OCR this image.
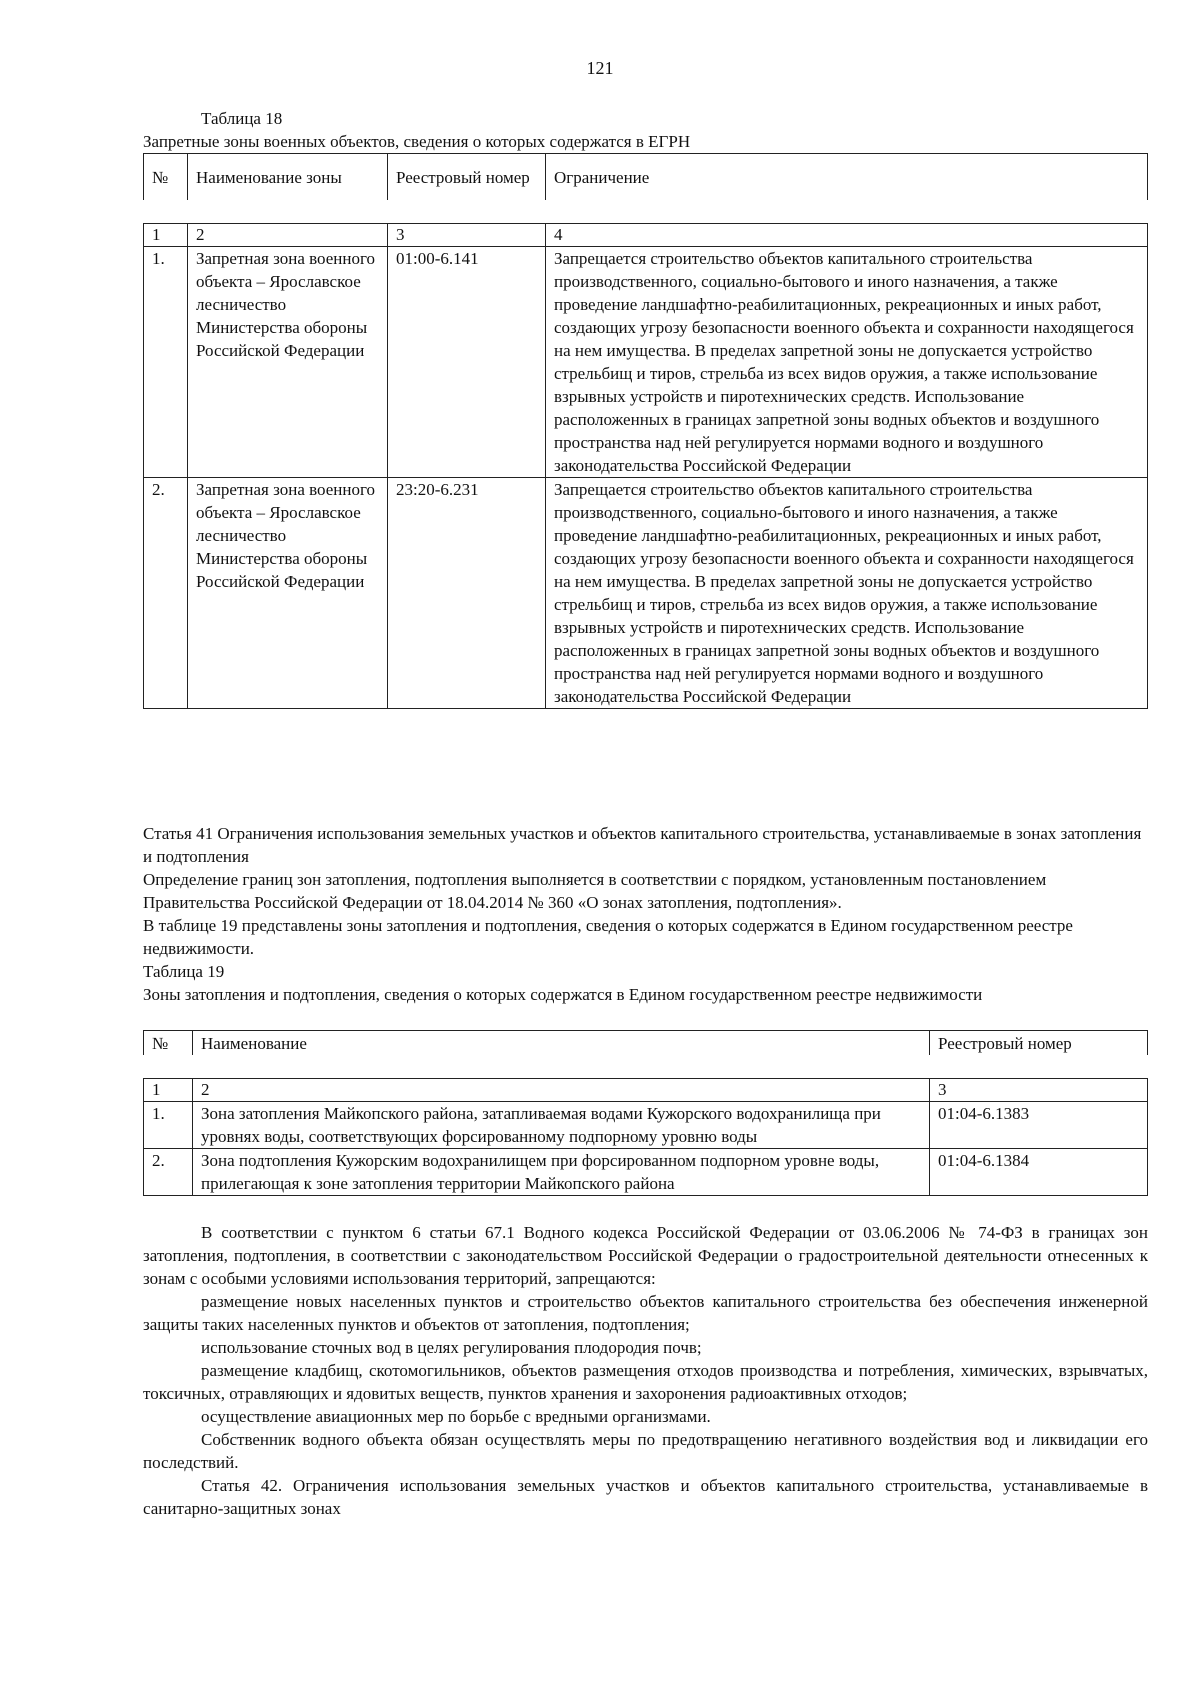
121

Таблица 18

Запретные зоны военных объектов, сведения о которых содержатся в ЕГРН

№	Наименование зоны	Реестровый номер	Ограничение
1	2	3	4
1.	Запретная зона военного объекта – Ярославское лесничество Министерства обороны Российской Федерации	01:00-6.141	Запрещается строительство объектов капитального строительства производственного, социально-бытового и иного назначения, а также проведение ландшафтно-реабилитационных, рекреационных и иных работ, создающих угрозу безопасности военного объекта и сохранности находящегося на нем имущества. В пределах запретной зоны не допускается устройство стрельбищ и тиров, стрельба из всех видов оружия, а также использование взрывных устройств и пиротехнических средств. Использование расположенных в границах запретной зоны водных объектов и воздушного пространства над ней регулируется нормами водного и воздушного законодательства Российской Федерации
2.	Запретная зона военного объекта – Ярославское лесничество Министерства обороны Российской Федерации	23:20-6.231	Запрещается строительство объектов капитального строительства производственного, социально-бытового и иного назначения, а также проведение ландшафтно-реабилитационных, рекреационных и иных работ, создающих угрозу безопасности военного объекта и сохранности находящегося на нем имущества. В пределах запретной зоны не допускается устройство стрельбищ и тиров, стрельба из всех видов оружия, а также использование взрывных устройств и пиротехнических средств. Использование расположенных в границах запретной зоны водных объектов и воздушного пространства над ней регулируется нормами водного и воздушного законодательства Российской Федерации

Статья 41 Ограничения использования земельных участков и объектов капитального строительства, устанавливаемые в зонах затопления и подтопления

Определение границ зон затопления, подтопления выполняется в соответствии с порядком, установленным постановлением Правительства Российской Федерации от 18.04.2014 № 360 «О зонах затопления, подтопления».

В таблице 19 представлены зоны затопления и подтопления, сведения о которых содержатся в Едином государственном реестре недвижимости.

Таблица 19

Зоны затопления и подтопления, сведения о которых содержатся в Едином государственном реестре недвижимости

№	Наименование	Реестровый номер
1	2	3
1.	Зона затопления Майкопского района, затапливаемая водами Кужорского водохранилища при уровнях воды, соответствующих форсированному подпорному уровню воды	01:04-6.1383
2.	Зона подтопления Кужорским водохранилищем при форсированном подпорном уровне воды, прилегающая к зоне затопления территории Майкопского района	01:04-6.1384

В соответствии с пунктом 6 статьи 67.1 Водного кодекса Российской Федерации от 03.06.2006 № 74-ФЗ в границах зон затопления, подтопления, в соответствии с законодательством Российской Федерации о градостроительной деятельности отнесенных к зонам с особыми условиями использования территорий, запрещаются:

размещение новых населенных пунктов и строительство объектов капитального строительства без обеспечения инженерной защиты таких населенных пунктов и объектов от затопления, подтопления;

использование сточных вод в целях регулирования плодородия почв;

размещение кладбищ, скотомогильников, объектов размещения отходов производства и потребления, химических, взрывчатых, токсичных, отравляющих и ядовитых веществ, пунктов хранения и захоронения радиоактивных отходов;

осуществление авиационных мер по борьбе с вредными организмами.

Собственник водного объекта обязан осуществлять меры по предотвращению негативного воздействия вод и ликвидации его последствий.

Статья 42. Ограничения использования земельных участков и объектов капитального строительства, устанавливаемые в санитарно-защитных зонах
